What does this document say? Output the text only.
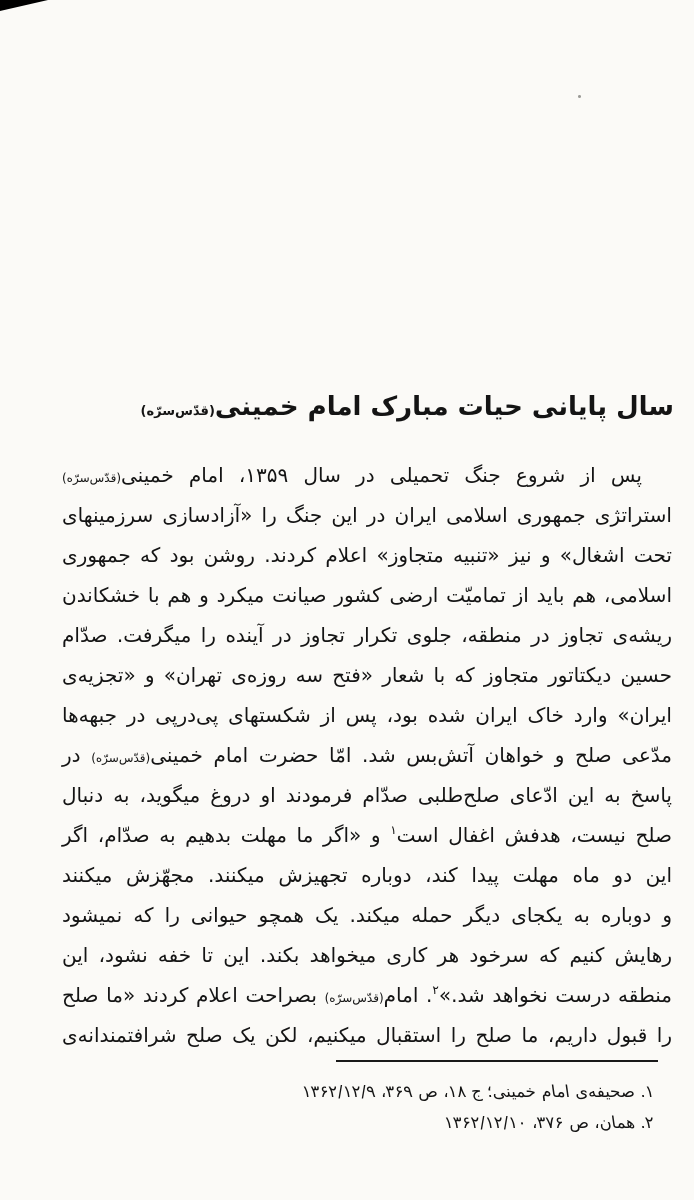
سال پایانی حیات مبارک امام خمینی(قدّس‌سرّه)
پس از شروع جنگ تحمیلی در سال ۱۳۵۹، امام خمینی(قدّس‌سرّه)
استراتژی جمهوری اسلامی ایران در این جنگ را «آزادسازی سرزمینهای
تحت اشغال» و نیز «تنبیه متجاوز» اعلام کردند. روشن بود که جمهوری
اسلامی، هم باید از تمامیّت ارضی کشور صیانت میکرد و هم با خشکاندن
ریشه‌ی تجاوز در منطقه، جلوی تکرار تجاوز در آینده را میگرفت. صدّام
حسین دیکتاتور متجاوز که با شعار «فتح سه روزه‌ی تهران» و «تجزیه‌ی
ایران» وارد خاک ایران شده بود، پس از شکستهای پی‌درپی در جبهه‌ها
مدّعی صلح و خواهان آتش‌بس شد. امّا حضرت امام خمینی(قدّس‌سرّه) در
پاسخ به این ادّعای صلح‌طلبی صدّام فرمودند او دروغ میگوید، به دنبال
صلح نیست، هدفش اغفال است$^۱$ و «اگر ما مهلت بدهیم به صدّام، اگر
این دو ماه مهلت پیدا کند، دوباره تجهیزش میکنند. مجهّزش میکنند
و دوباره به یکجای دیگر حمله میکند. یک همچو حیوانی را که نمیشود
رهایش کنیم که سرخود هر کاری میخواهد بکند. این تا خفه نشود، این
منطقه درست نخواهد شد.»$^۲$. امام(قدّس‌سرّه) بصراحت اعلام کردند «ما صلح
را قبول داریم، ما صلح را استقبال میکنیم، لکن یک صلح شرافتمندانه‌ی
۱. صحیفه‌ی امام خمینی؛ ج ۱۸، ص ۳۶۹، ۱۳۶۲/۱۲/۹
۲. همان، ص ۳۷۶، ۱۳۶۲/۱۲/۱۰
